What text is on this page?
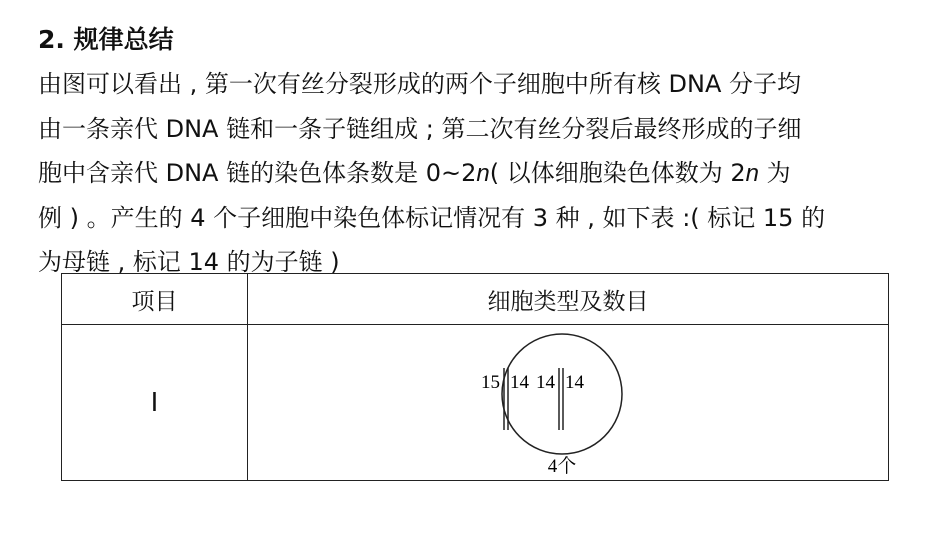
2. 规律总结
由图可以看出 , 第一次有丝分裂形成的两个子细胞中所有核 DNA 分子均
由一条亲代 DNA 链和一条子链组成 ; 第二次有丝分裂后最终形成的子细
胞中含亲代 DNA 链的染色体条数是 0~2n( 以体细胞染色体数为 2n 为
例 ) 。产生的 4 个子细胞中染色体标记情况有 3 种 , 如下表 :( 标记 15 的
为母链 , 标记 14 的为子链 )
项目	细胞类型及数目
Ⅰ	15 14 14 14
4个
